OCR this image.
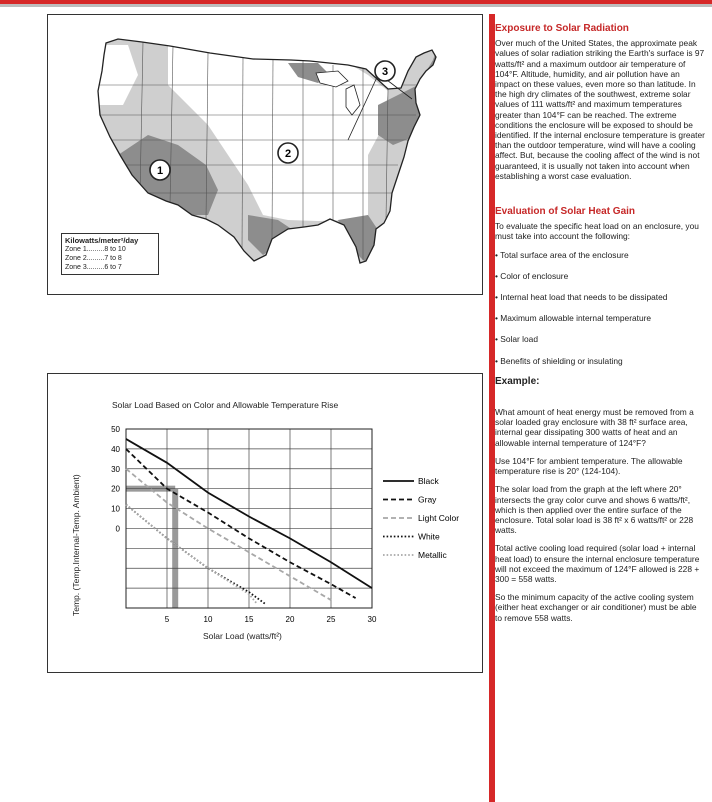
1
2
3
Kilowatts/meter²/day
Zone 1.........8 to 10
Zone 2.........7 to 8
Zone 3.........6 to 7
0
10
20
30
40
50
5	10	15	20	25	30
Black
Gray
Light Color
White
Metallic
Solar Load Based on Color and Allowable Temperature Rise
Temp. (Temp.Internal-Temp. Ambient)
Solar Load (watts/ft²)
Exposure to Solar Radiation

Over much of the United States, the approximate peak values of solar radiation striking the Earth's surface is 97 watts/ft² and a maximum outdoor air temperature of 104°F. Altitude, humidity, and air pollution have an impact on these values, even more so than latitude. In the high dry climates of the southwest, extreme solar values of 111 watts/ft² and maximum temperatures greater than 104°F can be reached. The extreme conditions the enclosure will be exposed to should be identified. If the internal enclosure temperature is greater than the outdoor temperature, wind will have a cooling affect. But, because the cooling affect of the wind is not guaranteed, it is usually not taken into account when establishing a worst case evaluation.

Evaluation of Solar Heat Gain

To evaluate the specific heat load on an enclosure, you must take into account the following:

• Total surface area of the enclosure
• Color of enclosure
• Internal heat load that needs to be dissipated
• Maximum allowable internal temperature
• Solar load
• Benefits of shielding or insulating
Example:

What amount of heat energy must be removed from a solar loaded gray enclosure with 38 ft² surface area, internal gear dissipating 300 watts of heat and an allowable internal temperature of 124°F?

Use 104°F for ambient temperature. The allowable temperature rise is 20° (124-104).

The solar load from the graph at the left where 20° intersects the gray color curve and shows 6 watts/ft², which is then applied over the entire surface of the enclosure. Total solar load is 38 ft² x 6 watts/ft² or 228 watts.

Total active cooling load required (solar load + internal heat load) to ensure the internal enclosure temperature will not exceed the maximum of 124°F allowed is 228 + 300 = 558 watts.

So the minimum capacity of the active cooling system (either heat exchanger or air conditioner) must be able to remove 558 watts.
